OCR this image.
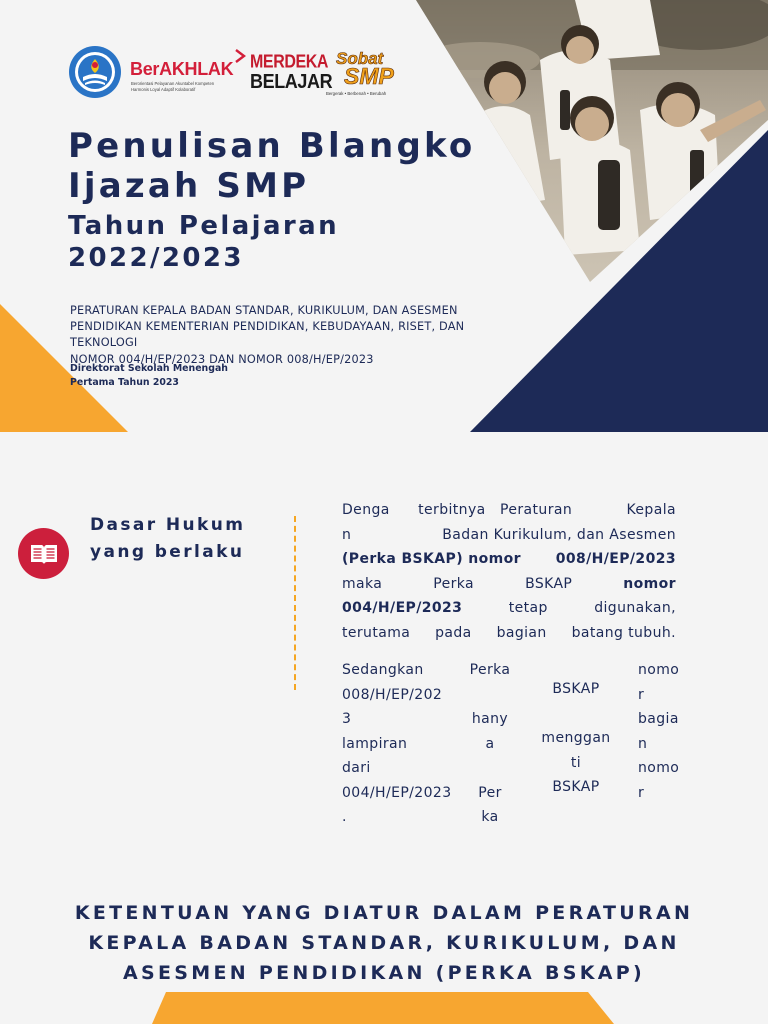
BerAKHLAK
Berorientasi Pelayanan Akuntabel Kompeten
Harmonis Loyal Adaptif Kolaboratif
MERDEKA
BELAJAR
Sobat
SMP
Bergerak • Berbenah • Berubah
Penulisan Blangko
Ijazah SMP
Tahun Pelajaran
2022/2023
PERATURAN KEPALA BADAN STANDAR, KURIKULUM, DAN ASESMEN PENDIDIKAN KEMENTERIAN PENDIDIKAN, KEBUDAYAAN, RISET, DAN TEKNOLOGI
NOMOR 004/H/EP/2023 DAN NOMOR 008/H/EP/2023
Direktorat Sekolah Menengah
Pertama Tahun 2023
Dasar Hukum
yang berlaku
Denga terbitnya Peraturan	Kepala
n	Badan Kurikulum, dan Asesmen
(Perka BSKAP) nomor 008/H/EP/2023
maka	Perka	BSKAP	nomor
004/H/EP/2023	tetap	digunakan,
terutama pada bagian batang tubuh.
Sedangkan
008/H/EP/202
3
lampiran
dari
004/H/EP/2023
.
Perka

hany
a

Per
ka

BSKAP

menggan
ti
BSKAP

nomo
r
bagia
n
nomo
r
KETENTUAN YANG DIATUR DALAM PERATURAN
KEPALA BADAN STANDAR, KURIKULUM, DAN
ASESMEN PENDIDIKAN (PERKA BSKAP)
